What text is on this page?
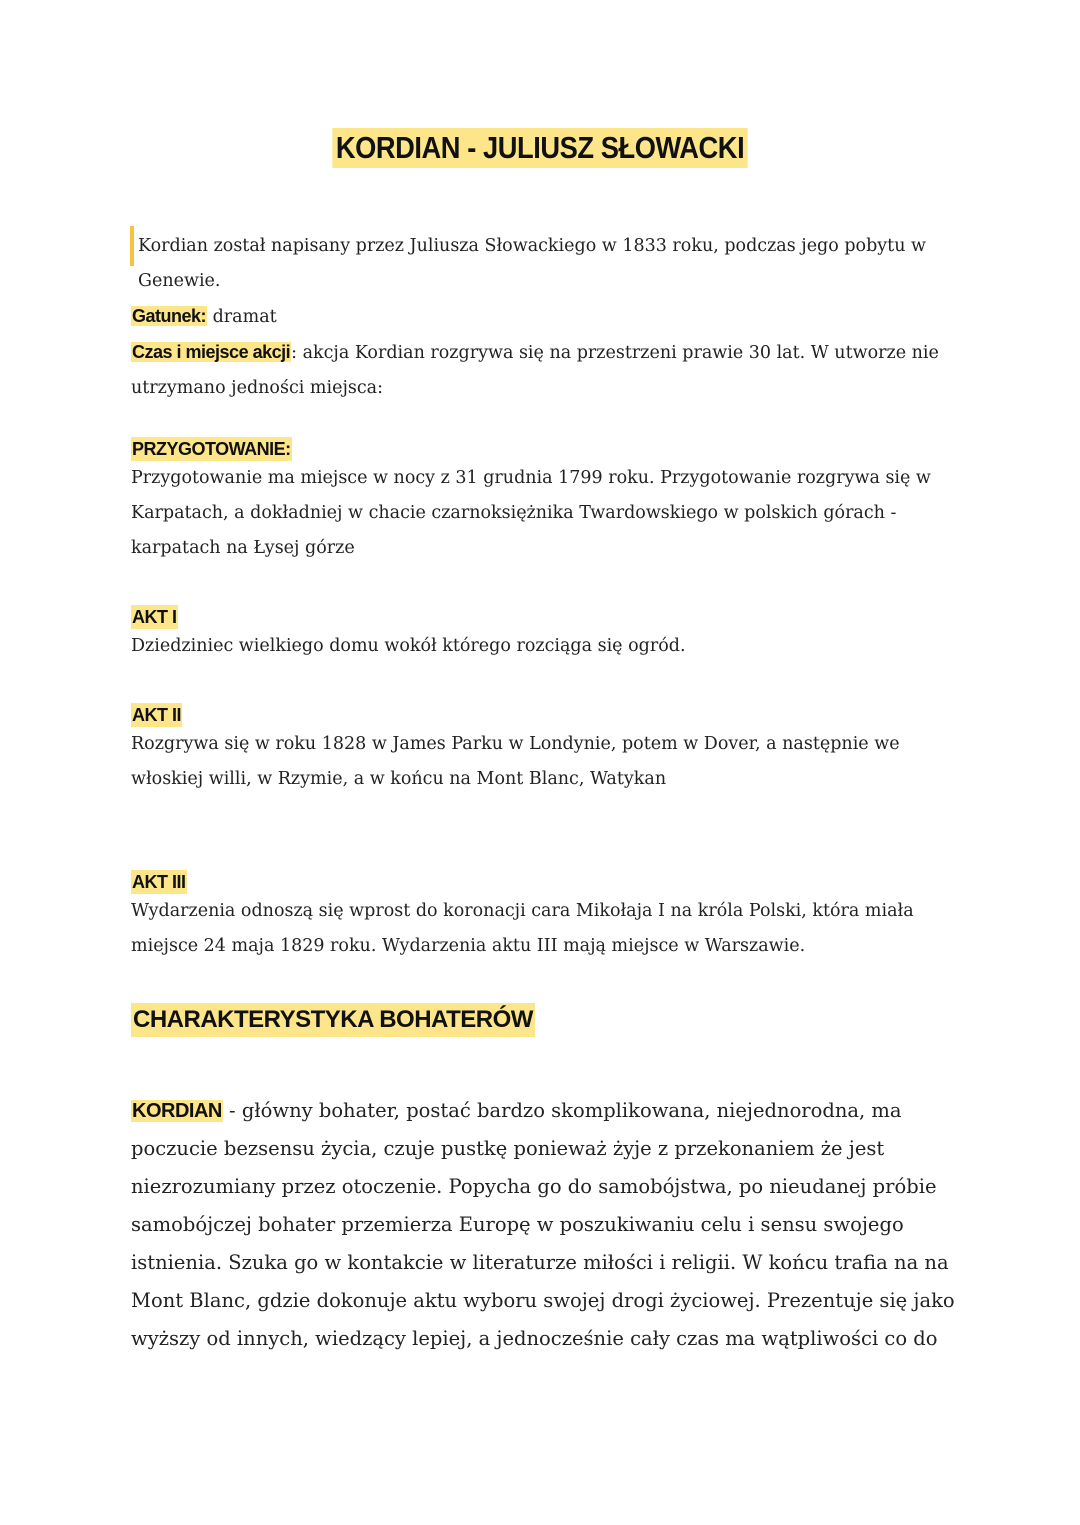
KORDIAN - JULIUSZ SŁOWACKI
Kordian został napisany przez Juliusza Słowackiego w 1833 roku, podczas jego pobytu w Genewie.
Gatunek: dramat
Czas i miejsce akcji: akcja Kordian rozgrywa się na przestrzeni prawie 30 lat. W utworze nie utrzymano jedności miejsca:
PRZYGOTOWANIE:
Przygotowanie ma miejsce w nocy z 31 grudnia 1799 roku. Przygotowanie rozgrywa się w Karpatach, a dokładniej w chacie czarnoksiężnika Twardowskiego w polskich górach - karpatach na Łysej górze
AKT I
Dziedziniec wielkiego domu wokół którego rozciąga się ogród.
AKT II
Rozgrywa się w roku 1828 w James Parku w Londynie, potem w Dover, a następnie we włoskiej willi, w Rzymie, a w końcu na Mont Blanc, Watykan
AKT III
Wydarzenia odnoszą się wprost do koronacji cara Mikołaja I na króla Polski, która miała miejsce 24 maja 1829 roku. Wydarzenia aktu III mają miejsce w Warszawie.
CHARAKTERYSTYKA BOHATERÓW

KORDIAN - główny bohater, postać bardzo skomplikowana, niejednorodna, ma poczucie bezsensu życia, czuje pustkę ponieważ żyje z przekonaniem że jest niezrozumiany przez otoczenie. Popycha go do samobójstwa, po nieudanej próbie samobójczej bohater przemierza Europę w poszukiwaniu celu i sensu swojego istnienia. Szuka go w kontakcie w literaturze miłości i religii. W końcu trafia na na Mont Blanc, gdzie dokonuje aktu wyboru swojej drogi życiowej. Prezentuje się jako wyższy od innych, wiedzący lepiej, a jednocześnie cały czas ma wątpliwości co do
